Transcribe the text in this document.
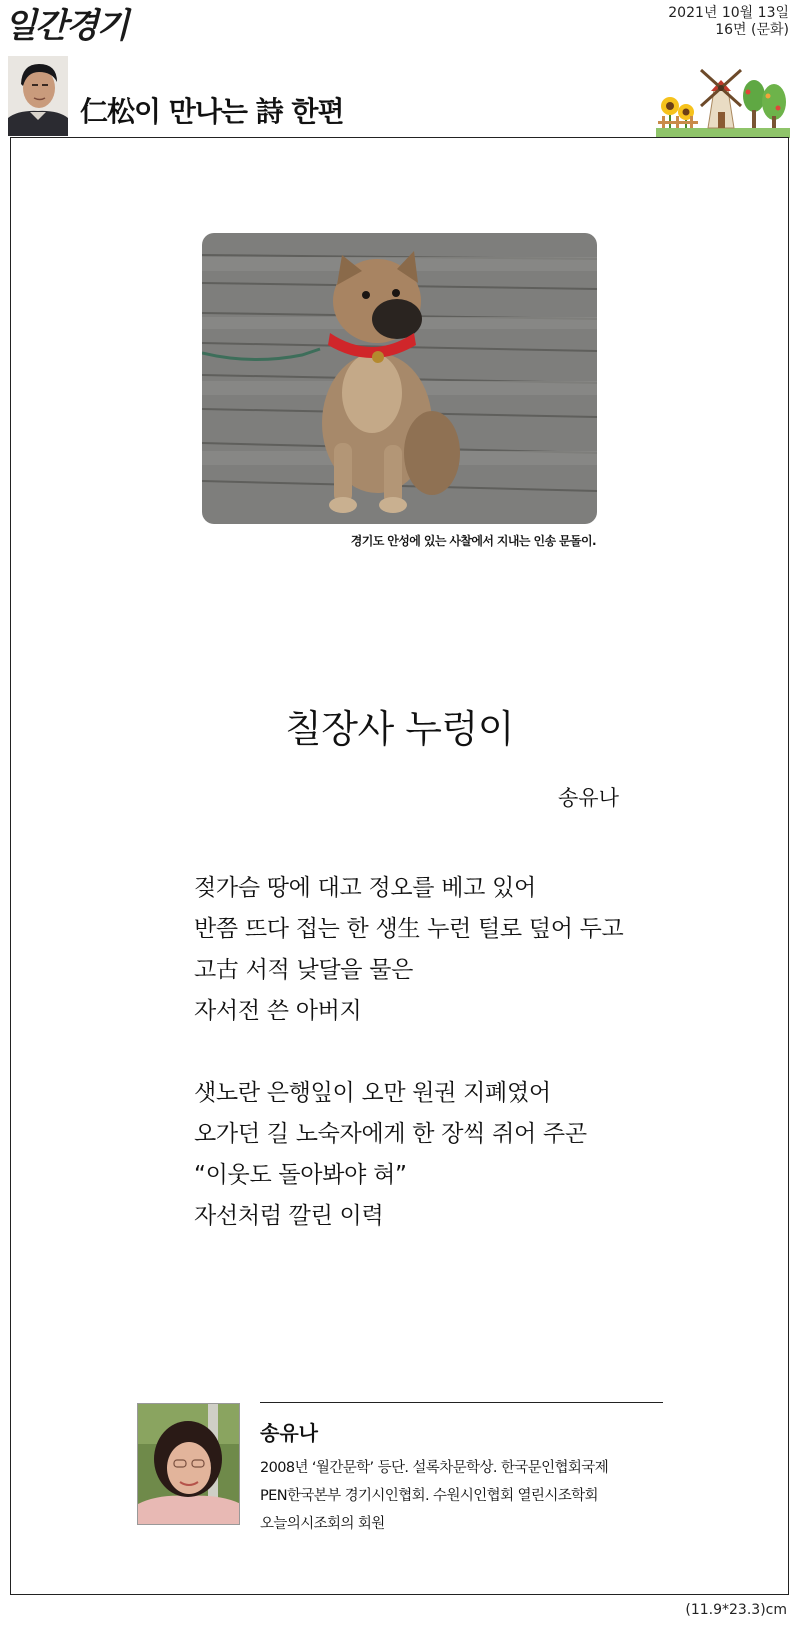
일간경기	2021년 10월 13일
16면 (문화)
仁松이 만나는 詩 한편
경기도 안성에 있는 사찰에서 지내는 인송 문돌이.
칠장사 누렁이
송유나
젖가슴 땅에 대고 정오를 베고 있어
반쯤 뜨다 접는 한 생生 누런 털로 덮어 두고
고古 서적 낮달을 물은
자서전 쓴 아버지
샛노란 은행잎이 오만 원권 지폐였어
오가던 길 노숙자에게 한 장씩 쥐어 주곤
“이웃도 돌아봐야 혀”
자선처럼 깔린 이력
송유나
2008년 ‘월간문학’ 등단. 설록차문학상. 한국문인협회국제
PEN한국본부 경기시인협회. 수원시인협회 열린시조학회
오늘의시조회의 회원
(11.9*23.3)cm
